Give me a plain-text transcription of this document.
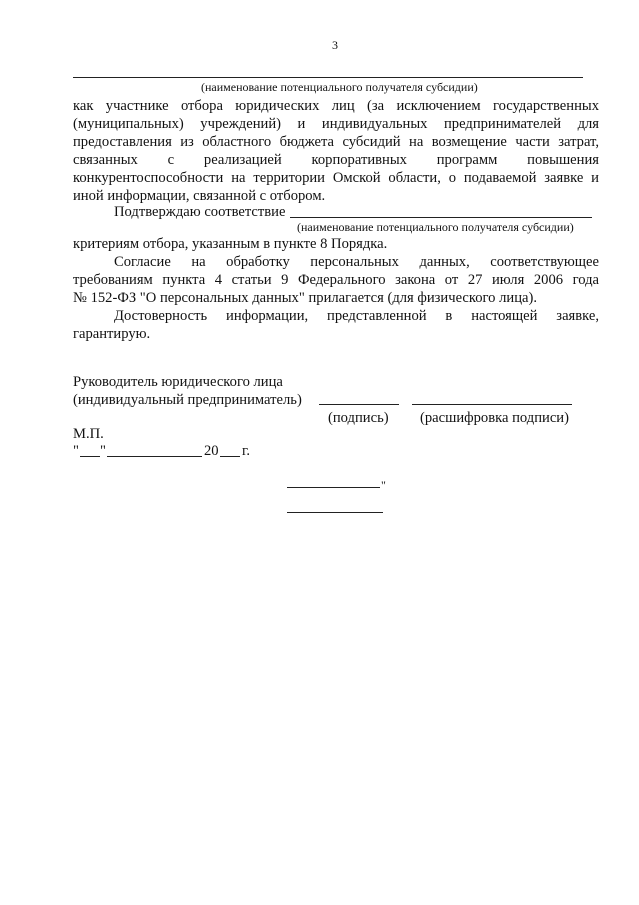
3
(наименование потенциального получателя субсидии)
как участнике отбора юридических лиц (за исключением государственных
(муниципальных) учреждений) и индивидуальных предпринимателей для
предоставления из областного бюджета субсидий на возмещение части затрат,
связанных с реализацией корпоративных программ повышения
конкурентоспособности на территории Омской области, о подаваемой заявке и
иной информации, связанной с отбором.
Подтверждаю соответствие
(наименование потенциального получателя субсидии)
критериям отбора, указанным в пункте 8 Порядка.
Согласие на обработку персональных данных, соответствующее
требованиям пункта 4 статьи 9 Федерального закона от 27 июля 2006 года
№ 152-ФЗ "О персональных данных" прилагается (для физического лица).
Достоверность информации, представленной в настоящей заявке,
гарантирую.
Руководитель юридического лица
(индивидуальный предприниматель)
(подпись) (расшифровка подписи)
М.П.
" "	20 г.
"
